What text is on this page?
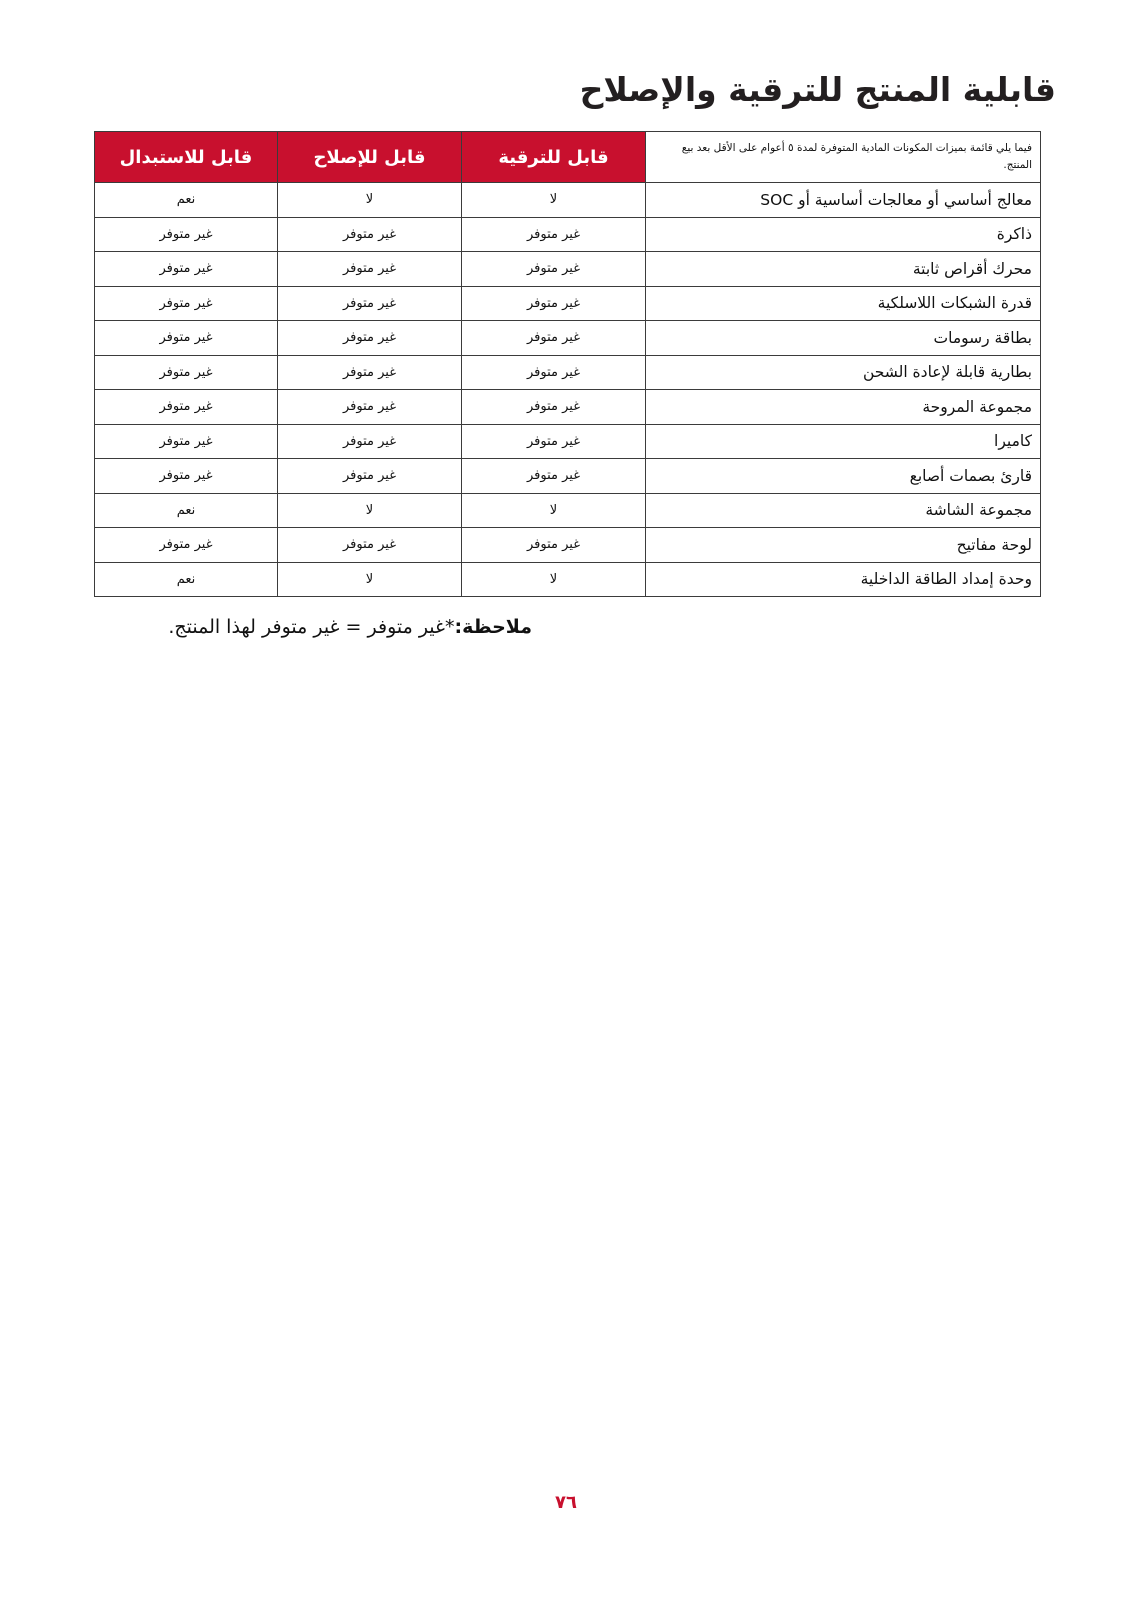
قابلية المنتج للترقية والإصلاح
فيما يلي قائمة بميزات المكونات المادية المتوفرة لمدة ٥ أعوام على الأقل بعد بيع المنتج.	قابل للترقية	قابل للإصلاح	قابل للاستبدال
معالج أساسي أو معالجات أساسية أو SOC	لا	لا	نعم
ذاكرة	غير متوفر	غير متوفر	غير متوفر
محرك أقراص ثابتة	غير متوفر	غير متوفر	غير متوفر
قدرة الشبكات اللاسلكية	غير متوفر	غير متوفر	غير متوفر
بطاقة رسومات	غير متوفر	غير متوفر	غير متوفر
بطارية قابلة لإعادة الشحن	غير متوفر	غير متوفر	غير متوفر
مجموعة المروحة	غير متوفر	غير متوفر	غير متوفر
كاميرا	غير متوفر	غير متوفر	غير متوفر
قارئ بصمات أصابع	غير متوفر	غير متوفر	غير متوفر
مجموعة الشاشة	لا	لا	نعم
لوحة مفاتيح	غير متوفر	غير متوفر	غير متوفر
وحدة إمداد الطاقة الداخلية	لا	لا	نعم

ملاحظة:*غير متوفر = غير متوفر لهذا المنتج.

٧٦
